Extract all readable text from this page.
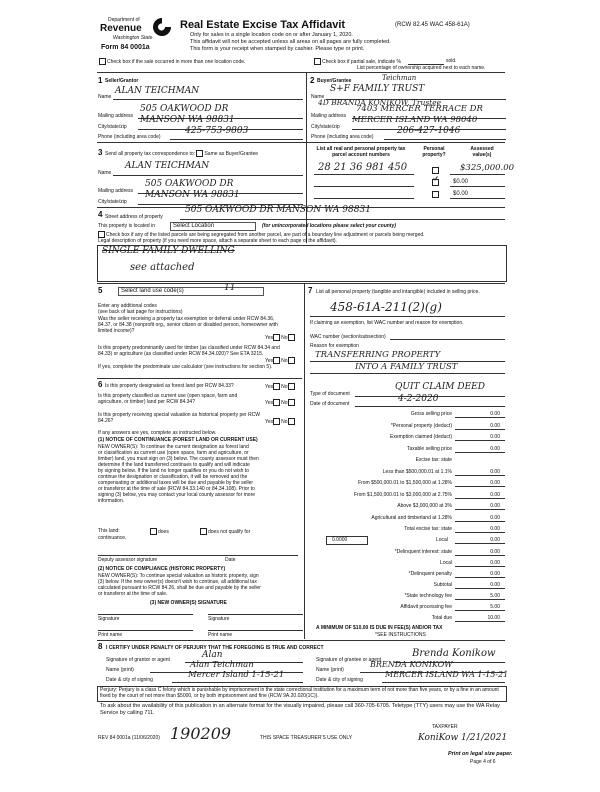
Department of
Revenue
Washington State
Real Estate Excise Tax Affidavit	(RCW 82.45 WAC 458-61A)
Only for sales in a single location code on or after January 1, 2020.
This affidavit will not be accepted unless all areas on all pages are fully completed.
This form is your receipt when stamped by cashier. Please type or print.
Form 84 0001a
Check box if the sale occurred in more than one location code.	Check box if partial sale, indicate %	sold.
List percentage of ownership acquired next to each name.
1 Seller/Grantor
Name
ALAN TEICHMAN
Mailing address
505 OAKWOOD DR
City/state/zip
MANSON WA 98831
Phone (including area code)
425-753-9803
2 Buyer/Grantee	Teichman
Name
S+F FAMILY TRUST
4D BRANDA KONIKOW, Trustee
Mailing address
7403 MERCER TERRACE DR
City/state/zip
MERCER ISLAND WA 98040
Phone (including area code)
206-427-1046
3 Send all property tax correspondence to: Same as Buyer/Grantee
Name
ALAN TEICHMAN
Mailing address
505 OAKWOOD DR
City/state/zip
MANSON WA 98831
List all real and personal property tax parcel account numbers
Personal property?
Assessed value(s)
28 21 36 981 450	$325,000.00
$0.00
$0.00
4 Street address of property
505 OAKWOOD DR MANSON WA 98831
This property is located in	Select Location	(for unincorporated locations please select your county)
Check box if any of the listed parcels are being segregated from another parcel, are part of a boundary line adjustment or parcels being merged.
Legal description of property (if you need more space, attach a separate sheet to each page of the affidavit).
SINGLE FAMILY DWELLING
see attached
5	Select land use code(s)	11
Enter any additional codes
(see back of last page for instructions)
Was the seller receiving a property tax exemption or deferral under RCW 84.36, 84.37, or 84.38 (nonprofit org., senior citizen or disabled person, homeowner with limited income)?
Yes No
Is this property predominantly used for timber (as classified under RCW 84.34 and 84.33) or agriculture (as classified under RCW 84.34.020)? See ETA 3215.
Yes No
If yes, complete the predominate use calculator (see instructions for section 5).
6 Is this property designated as forest land per RCW 84.33?	Yes No
Is this property classified as current use (open space, farm and agriculture, or timber) land per RCW 84.34?	Yes No
Is this property receiving special valuation as historical property per RCW 84.26?	Yes No
If any answers are yes, complete as instructed below.
(1) NOTICE OF CONTINUANCE (FOREST LAND OR CURRENT USE)
NEW OWNER(S): To continue the current designation as forest land
or classification as current use (open space, farm and agriculture, or
timber) land, you must sign on (3) below. The county assessor must then
determine if the land transferred continues to qualify and will indicate
by signing below. If the land no longer qualifies or you do not wish to
continue the designation or classification, it will be removed and the
compensating or additional taxes will be due and payable by the seller
or transferor at the time of sale (RCW 84.33.140 or 84.34.108). Prior to
signing (3) below, you may contact your local county assessor for more
information.
This land:	does	does not qualify for
continuance.
Deputy assessor signature	Date
(2) NOTICE OF COMPLIANCE (HISTORIC PROPERTY)
NEW OWNER(S): To continue special valuation as historic property, sign
(3) below. If the new owner(s) doesn't wish to continue, all additional tax
calculated pursuant to RCW 84.26, shall be due and payable by the seller
or transferor at the time of sale.
(3) NEW OWNER(S) SIGNATURE
Signature	Signature
Print name	Print name
7 List all personal property (tangible and intangible) included in selling price.
458-61A-211(2)(g)
If claiming an exemption, list WAC number and reason for exemption.
WAC number (section/subsection)
Reason for exemption
TRANSFERRING PROPERTY
INTO A FAMILY TRUST
Type of document
QUIT CLAIM DEED
Date of document	4-2-2020
Gross selling price	0.00
*Personal property (deduct)	0.00
Exemption claimed (deduct)	0.00
Taxable selling price	0.00
Excise tax: state
Less than $500,000.01 at 1.1%	0.00
From $500,000.01 to $1,500,000 at 1.28%	0.00
From $1,500,000.01 to $3,000,000 at 2.75%	0.00
Above $3,000,000 at 3%	0.00
Agricultural and timberland at 1.28%	0.00
Total excise tax: state	0.00
0.0000	Local	0.00
*Delinquent interest: state	0.00
Local	0.00
*Delinquent penalty	0.00
Subtotal	0.00
*State technology fee	5.00
Affidavit processing fee	5.00
Total due	10.00
A MINIMUM OF $10.00 IS DUE IN FEE(S) AND/OR TAX
*SEE INSTRUCTIONS
8 I CERTIFY UNDER PENALTY OF PERJURY THAT THE FOREGOING IS TRUE AND CORRECT
Signature of grantor or agent	Alan
Name (print)	Alan Teichman
Date & city of signing	Mercer Island 1-15-21
Signature of grantee or agent
Brenda Konikow
Name (print)
BRENDA KONIKOW
Date & city of signing
MERCER ISLAND WA 1-15-21
Perjury: Perjury is a class C felony which is punishable by imprisonment in the state correctional institution for a maximum term of not more than five years, or by a fine in an amount fixed by the court of not more than $5000, or by both imprisonment and fine (RCW 9A.20.020(1C)).
To ask about the availability of this publication in an alternate format for the visually impaired, please call 360-705-6705. Teletype (TTY) users may use the WA Relay Service by calling 711.
REV 84 0001a (11/06/2020) 190209	THIS SPACE TREASURER'S USE ONLY
TAXPAYER
KoniKow 1/21/2021
Print on legal size paper.
Page 4 of 6
